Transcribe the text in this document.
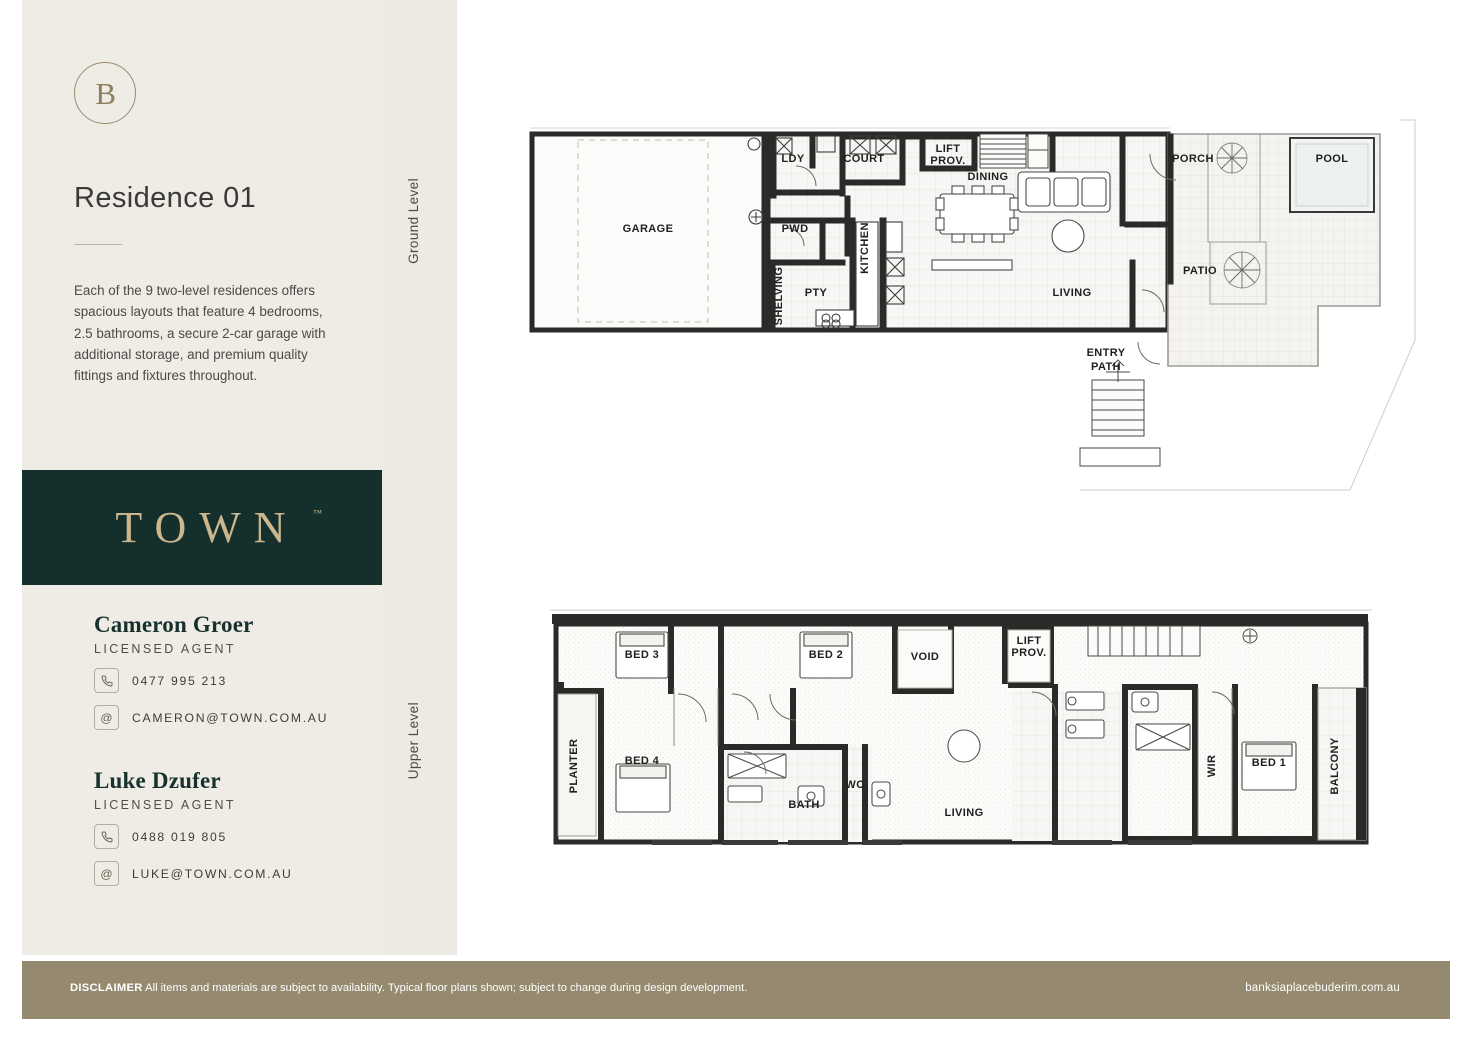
B
Residence 01
Each of the 9 two-level residences offers spacious layouts that feature 4 bedrooms, 2.5 bathrooms, a secure 2-car garage with additional storage, and premium quality fittings and fixtures throughout.
TOWN	™
Cameron Groer
LICENSED AGENT
0477 995 213
@	CAMERON@TOWN.COM.AU
Luke Dzufer
LICENSED AGENT
0488 019 805
@	LUKE@TOWN.COM.AU
Ground Level
Upper Level
GARAGE
LDY	COURT
LIFT
PROV.
DINING
PORCH	POOL
PWD
LIVING
PATIO
PTY
ENTRY
PATH
KITCHEN
SHELVING
BED 3	BED 2	VOID
LIFT
PROV.
BED 4
BATH
WC
LIVING
BED 1
PLANTER	WIR	BALCONY
DISCLAIMER All items and materials are subject to availability. Typical floor plans shown; subject to change during design development.	banksiaplacebuderim.com.au
